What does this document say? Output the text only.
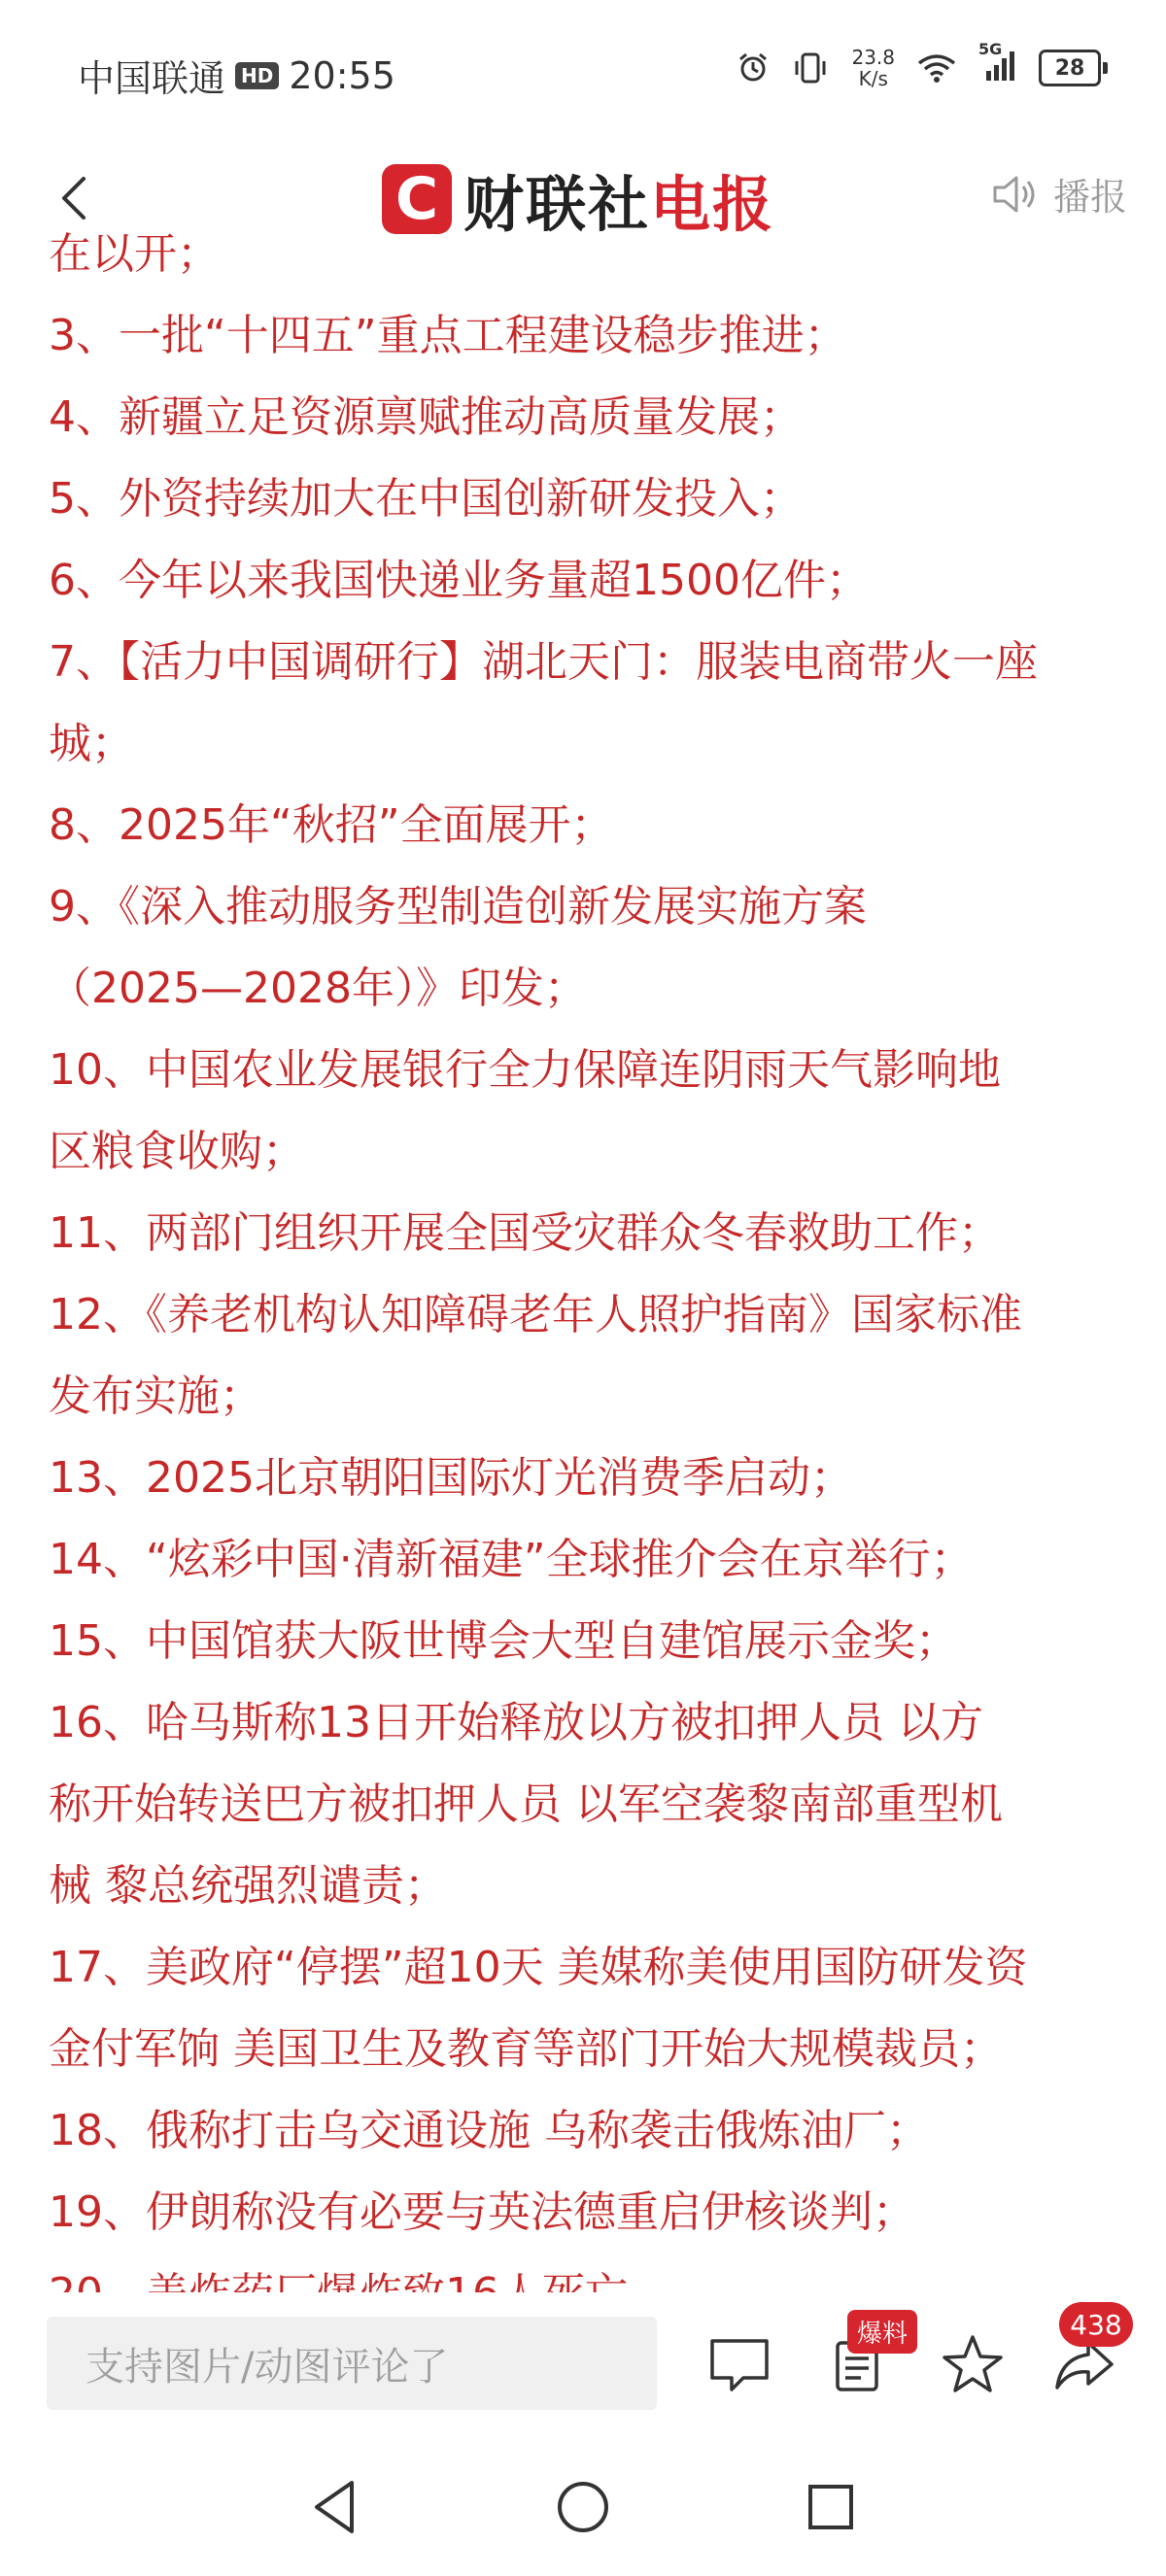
中国联通 HD 20:55	23.8
K/s
5G
28
C 财联社电报	播报

在以开；

3、一批“十四五”重点工程建设稳步推进；

4、新疆立足资源禀赋推动高质量发展；

5、外资持续加大在中国创新研发投入；

6、今年以来我国快递业务量超1500亿件；

7、【活力中国调研行】湖北天门：服装电商带火一座

城；

8、2025年“秋招”全面展开；

9、《深入推动服务型制造创新发展实施方案

（2025—2028年）》印发；

10、中国农业发展银行全力保障连阴雨天气影响地

区粮食收购；

11、两部门组织开展全国受灾群众冬春救助工作；

12、《养老机构认知障碍老年人照护指南》国家标准

发布实施；

13、2025北京朝阳国际灯光消费季启动；

14、“炫彩中国·清新福建”全球推介会在京举行；

15、中国馆获大阪世博会大型自建馆展示金奖；

16、哈马斯称13日开始释放以方被扣押人员 以方

称开始转送巴方被扣押人员 以军空袭黎南部重型机

械 黎总统强烈谴责；

17、美政府“停摆”超10天 美媒称美使用国防研发资

金付军饷 美国卫生及教育等部门开始大规模裁员；

18、俄称打击乌交通设施 乌称袭击俄炼油厂；

19、伊朗称没有必要与英法德重启伊核谈判；

支持图片/动图评论了
爆料	438
